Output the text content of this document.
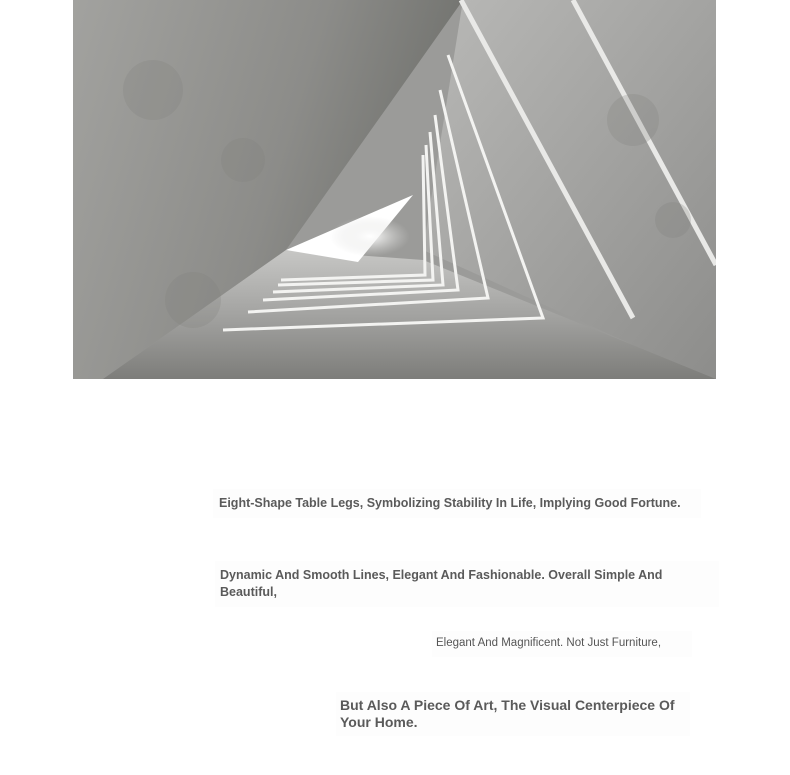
Eight-Shape Table Legs, Symbolizing Stability In Life, Implying Good Fortune.
Dynamic And Smooth Lines, Elegant And Fashionable. Overall Simple And Beautiful,
Elegant And Magnificent. Not Just Furniture,
But Also A Piece Of Art, The Visual Centerpiece Of Your Home.
